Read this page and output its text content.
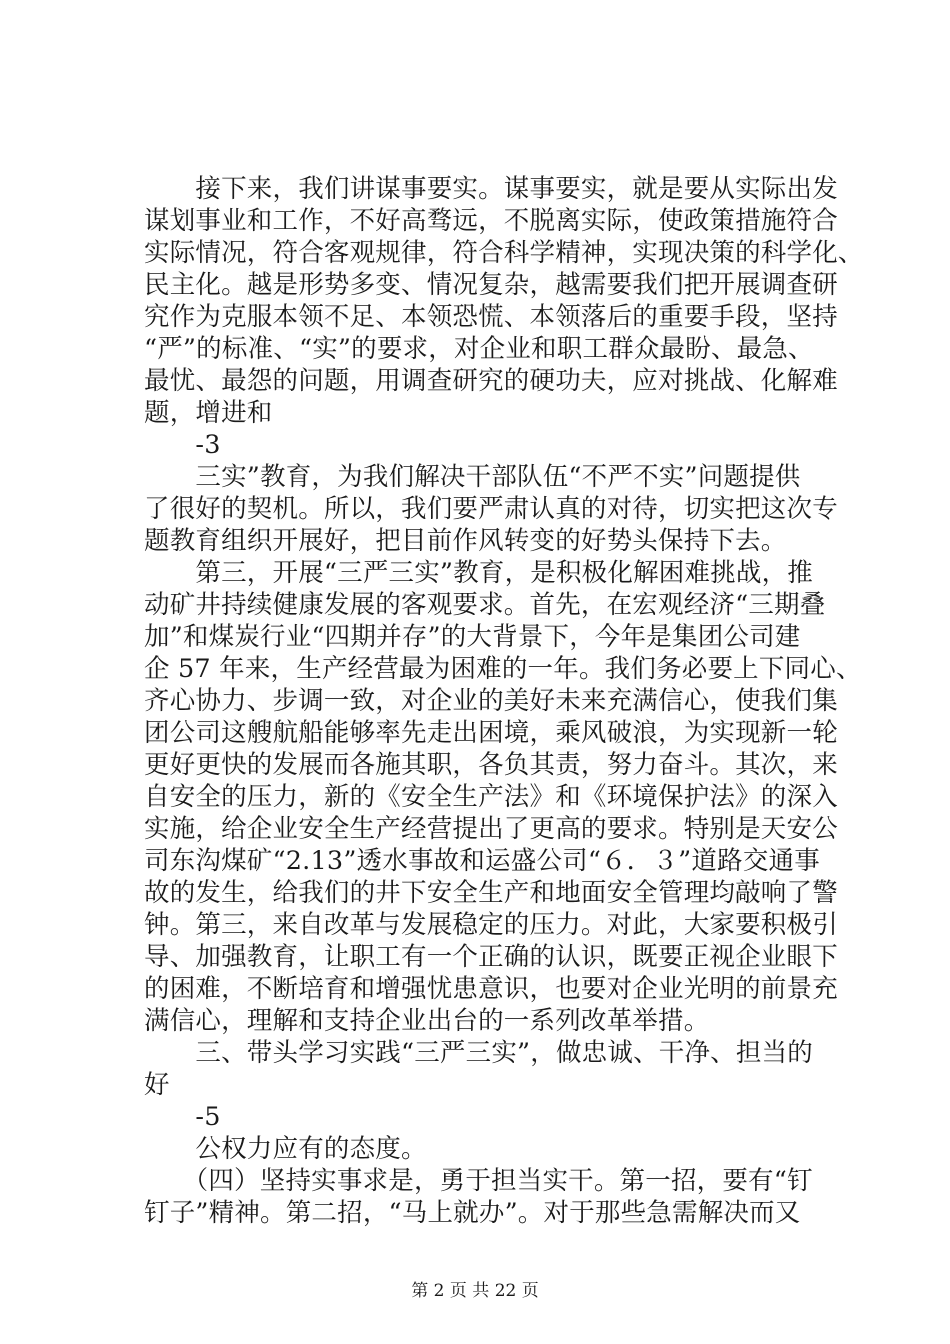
　　接下来，我们讲谋事要实。谋事要实，就是要从实际出发
谋划事业和工作，不好高骛远，不脱离实际，使政策措施符合
实际情况，符合客观规律，符合科学精神，实现决策的科学化、
民主化。越是形势多变、情况复杂，越需要我们把开展调查研
究作为克服本领不足、本领恐慌、本领落后的重要手段，坚持
“严”的标准、“实”的要求，对企业和职工群众最盼、最急、
最忧、最怨的问题，用调查研究的硬功夫，应对挑战、化解难
题，增进和
　　-3
　　三实”教育，为我们解决干部队伍“不严不实”问题提供
了很好的契机。所以，我们要严肃认真的对待，切实把这次专
题教育组织开展好，把目前作风转变的好势头保持下去。
　　第三，开展“三严三实”教育，是积极化解困难挑战，推
动矿井持续健康发展的客观要求。首先，在宏观经济“三期叠
加”和煤炭行业“四期并存”的大背景下，今年是集团公司建
企 57 年来，生产经营最为困难的一年。我们务必要上下同心、
齐心协力、步调一致，对企业的美好未来充满信心，使我们集
团公司这艘航船能够率先走出困境，乘风破浪，为实现新一轮
更好更快的发展而各施其职，各负其责，努力奋斗。其次，来
自安全的压力，新的《安全生产法》和《环境保护法》的深入
实施，给企业安全生产经营提出了更高的要求。特别是天安公
司东沟煤矿“2.13”透水事故和运盛公司“６．３”道路交通事
故的发生，给我们的井下安全生产和地面安全管理均敲响了警
钟。第三，来自改革与发展稳定的压力。对此，大家要积极引
导、加强教育，让职工有一个正确的认识，既要正视企业眼下
的困难，不断培育和增强忧患意识，也要对企业光明的前景充
满信心，理解和支持企业出台的一系列改革举措。
　　三、带头学习实践“三严三实”，做忠诚、干净、担当的
好
　　-5
　　公权力应有的态度。
　　（四）坚持实事求是，勇于担当实干。第一招，要有“钉
钉子”精神。第二招，“马上就办”。对于那些急需解决而又
第 2 页 共 22 页
